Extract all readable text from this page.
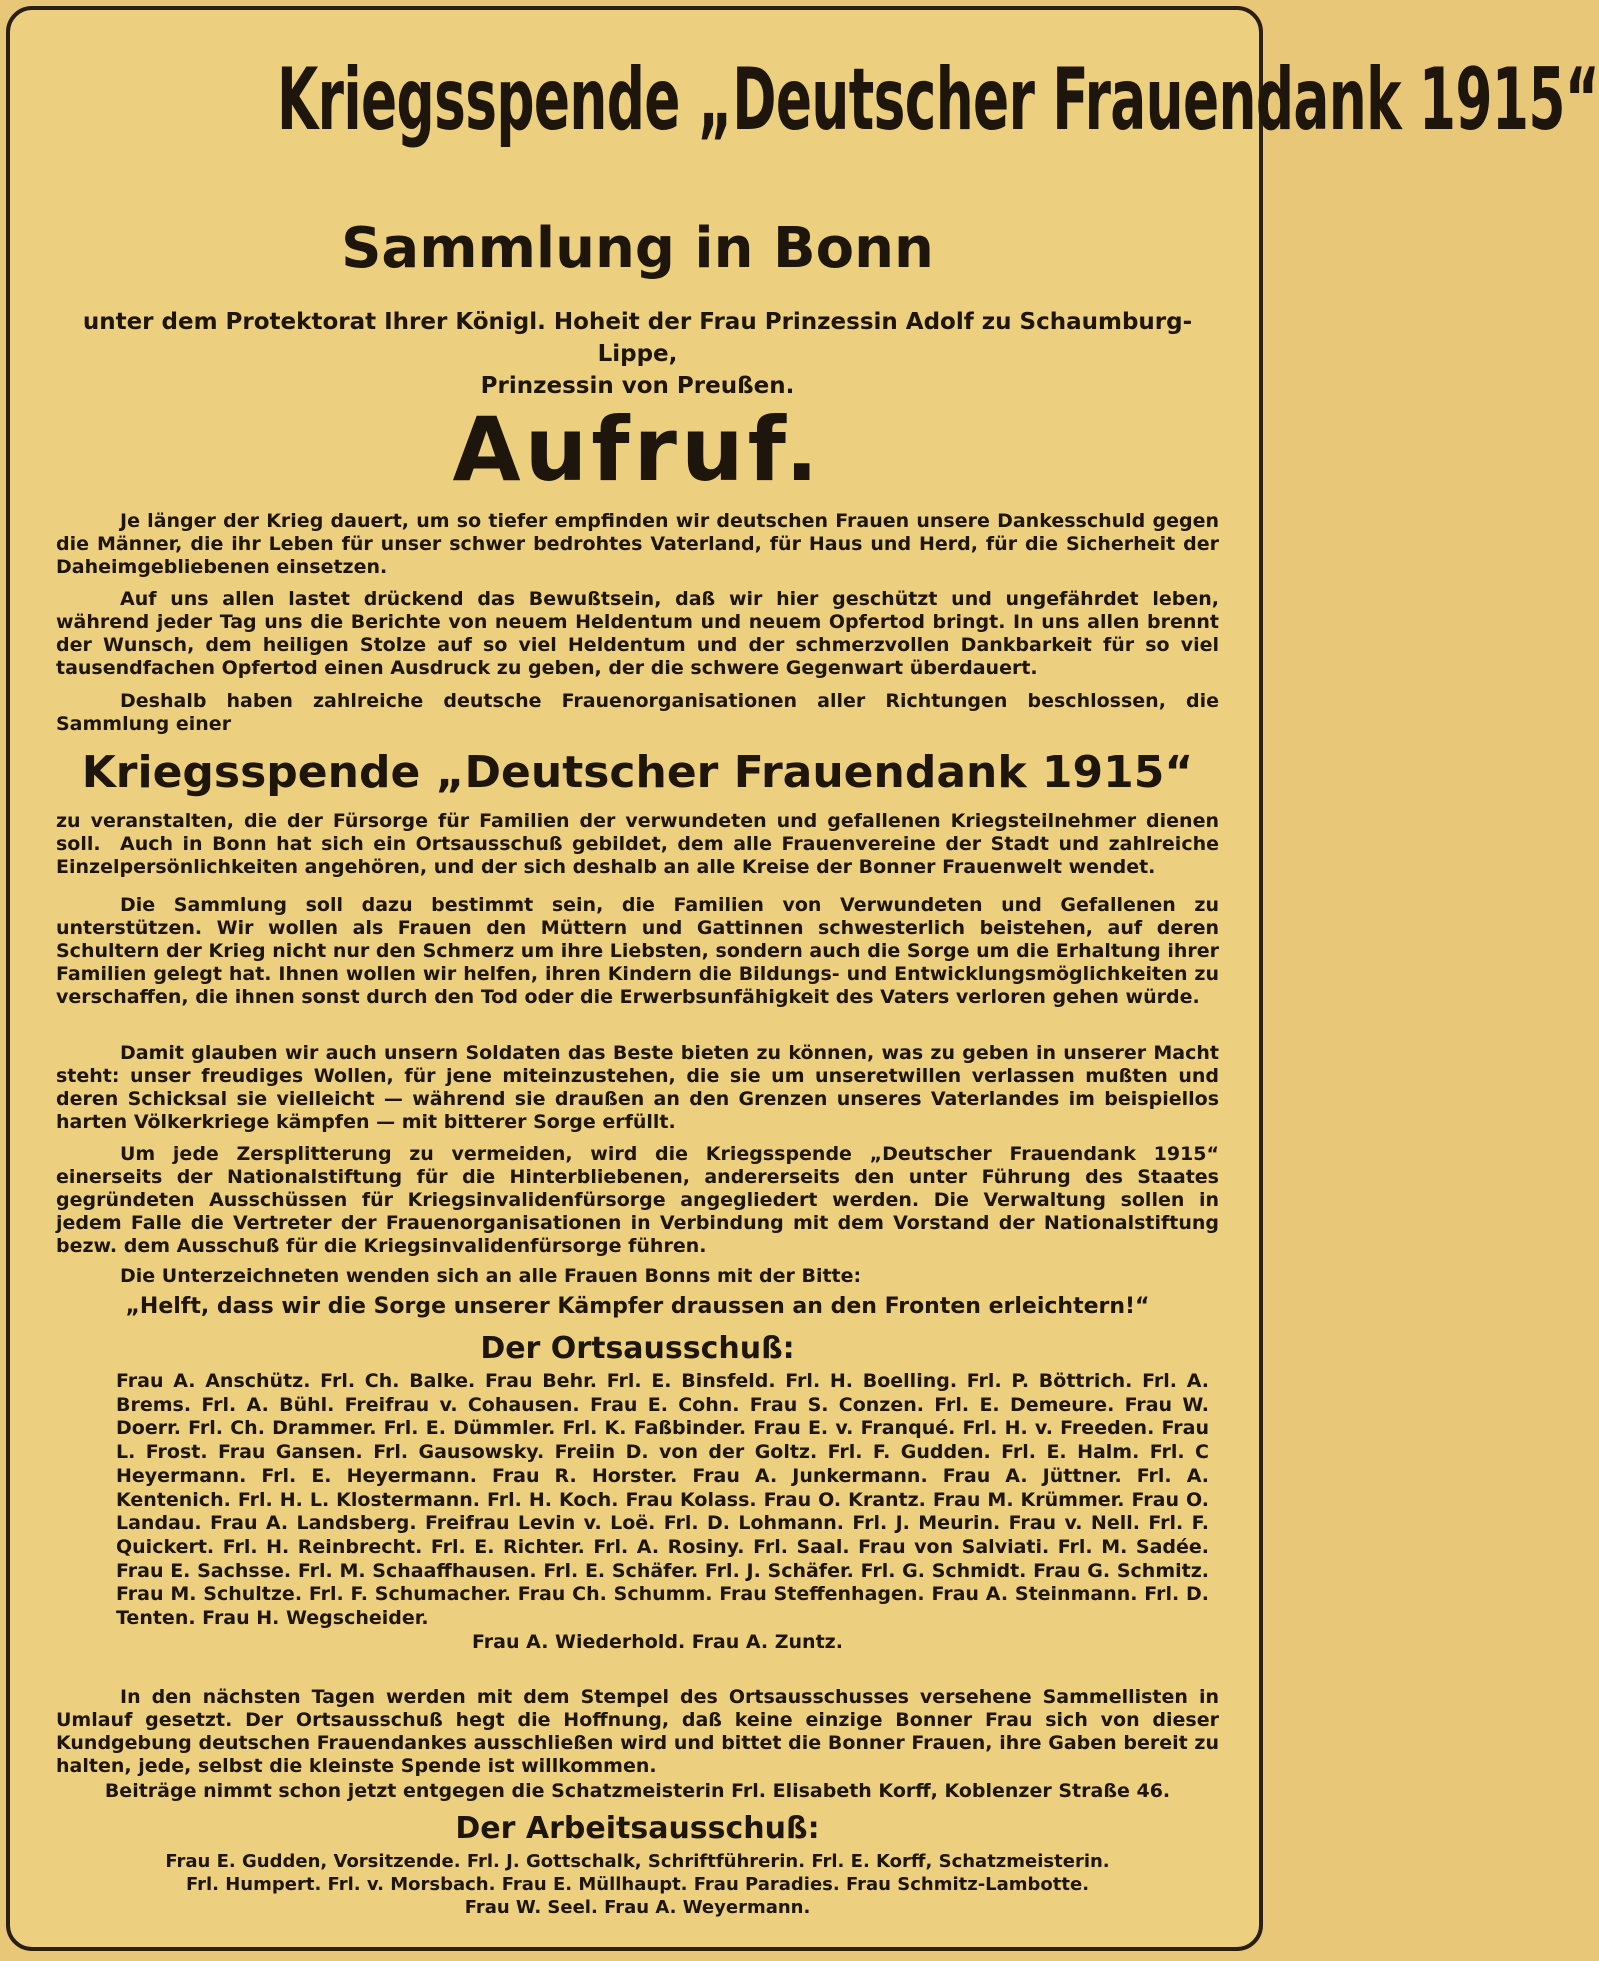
Kriegsspende „Deutscher Frauendank 1915“
Sammlung in Bonn
unter dem Protektorat Ihrer Königl. Hoheit der Frau Prinzessin Adolf zu Schaumburg-Lippe,
Prinzessin von Preußen.
Aufruf.
Je länger der Krieg dauert, um so tiefer empfinden wir deutschen Frauen unsere Dankesschuld gegen die Männer, die ihr Leben für unser schwer bedrohtes Vaterland, für Haus und Herd, für die Sicherheit der Daheimgebliebenen einsetzen.
Auf uns allen lastet drückend das Bewußtsein, daß wir hier geschützt und ungefährdet leben, während jeder Tag uns die Berichte von neuem Heldentum und neuem Opfertod bringt. In uns allen brennt der Wunsch, dem heiligen Stolze auf so viel Heldentum und der schmerzvollen Dankbarkeit für so viel tausendfachen Opfertod einen Ausdruck zu geben, der die schwere Gegenwart überdauert.
Deshalb haben zahlreiche deutsche Frauenorganisationen aller Richtungen beschlossen, die Sammlung einer
Kriegsspende „Deutscher Frauendank 1915“
zu veranstalten, die der Fürsorge für Familien der verwundeten und gefallenen Kriegsteilnehmer dienen soll.	Auch in Bonn hat sich ein Ortsausschuß gebildet, dem alle Frauenvereine der Stadt und zahlreiche Einzelpersönlichkeiten angehören, und der sich deshalb an alle Kreise der Bonner Frauenwelt wendet.
Die Sammlung soll dazu bestimmt sein, die Familien von Verwundeten und Gefallenen zu unterstützen. Wir wollen als Frauen den Müttern und Gattinnen schwesterlich beistehen, auf deren Schultern der Krieg nicht nur den Schmerz um ihre Liebsten, sondern auch die Sorge um die Erhaltung ihrer Familien gelegt hat. Ihnen wollen wir helfen, ihren Kindern die Bildungs- und Entwicklungsmöglichkeiten zu verschaffen, die ihnen sonst durch den Tod oder die Erwerbsunfähigkeit des Vaters verloren gehen würde.
Damit glauben wir auch unsern Soldaten das Beste bieten zu können, was zu geben in unserer Macht steht: unser freudiges Wollen, für jene miteinzustehen, die sie um unseretwillen verlassen mußten und deren Schicksal sie vielleicht — während sie draußen an den Grenzen unseres Vaterlandes im beispiellos harten Völkerkriege kämpfen — mit bitterer Sorge erfüllt.
Um jede Zersplitterung zu vermeiden, wird die Kriegsspende „Deutscher Frauendank 1915“ einerseits der Nationalstiftung für die Hinterbliebenen, andererseits den unter Führung des Staates gegründeten Ausschüssen für Kriegsinvalidenfürsorge angegliedert werden. Die Verwaltung sollen in jedem Falle die Vertreter der Frauenorganisationen in Verbindung mit dem Vorstand der Nationalstiftung bezw. dem Ausschuß für die Kriegsinvalidenfürsorge führen.
Die Unterzeichneten wenden sich an alle Frauen Bonns mit der Bitte:
„Helft, dass wir die Sorge unserer Kämpfer draussen an den Fronten erleichtern!“
Der Ortsausschuß:
Frau A. Anschütz. Frl. Ch. Balke. Frau Behr. Frl. E. Binsfeld. Frl. H. Boelling. Frl. P. Böttrich. Frl. A. Brems. Frl. A. Bühl. Freifrau v. Cohausen. Frau E. Cohn. Frau S. Conzen. Frl. E. Demeure. Frau W. Doerr. Frl. Ch. Drammer. Frl. E. Dümmler. Frl. K. Faßbinder. Frau E. v. Franqué. Frl. H. v. Freeden. Frau L. Frost. Frau Gansen. Frl. Gausowsky. Freiin D. von der Goltz. Frl. F. Gudden. Frl. E. Halm. Frl. C Heyermann. Frl. E. Heyermann. Frau R. Horster. Frau A. Junkermann. Frau A. Jüttner. Frl. A. Kentenich. Frl. H. L. Klostermann. Frl. H. Koch. Frau Kolass. Frau O. Krantz. Frau M. Krümmer. Frau O. Landau. Frau A. Landsberg. Freifrau Levin v. Loë. Frl. D. Lohmann. Frl. J. Meurin. Frau v. Nell. Frl. F. Quickert. Frl. H. Reinbrecht. Frl. E. Richter. Frl. A. Rosiny. Frl. Saal. Frau von Salviati. Frl. M. Sadée. Frau E. Sachsse. Frl. M. Schaaffhausen. Frl. E. Schäfer. Frl. J. Schäfer. Frl. G. Schmidt. Frau G. Schmitz. Frau M. Schultze. Frl. F. Schumacher. Frau Ch. Schumm. Frau Steffenhagen. Frau A. Steinmann. Frl. D. Tenten. Frau H. Wegscheider.
Frau A. Wiederhold. Frau A. Zuntz.
In den nächsten Tagen werden mit dem Stempel des Ortsausschusses versehene Sammellisten in Umlauf gesetzt. Der Ortsausschuß hegt die Hoffnung, daß keine einzige Bonner Frau sich von dieser Kundgebung deutschen Frauendankes ausschließen wird und bittet die Bonner Frauen, ihre Gaben bereit zu halten, jede, selbst die kleinste Spende ist willkommen.
Beiträge nimmt schon jetzt entgegen die Schatzmeisterin Frl. Elisabeth Korff, Koblenzer Straße 46.
Der Arbeitsausschuß:
Frau E. Gudden, Vorsitzende. Frl. J. Gottschalk, Schriftführerin. Frl. E. Korff, Schatzmeisterin.
Frl. Humpert. Frl. v. Morsbach. Frau E. Müllhaupt. Frau Paradies. Frau Schmitz-Lambotte.
Frau W. Seel. Frau A. Weyermann.
